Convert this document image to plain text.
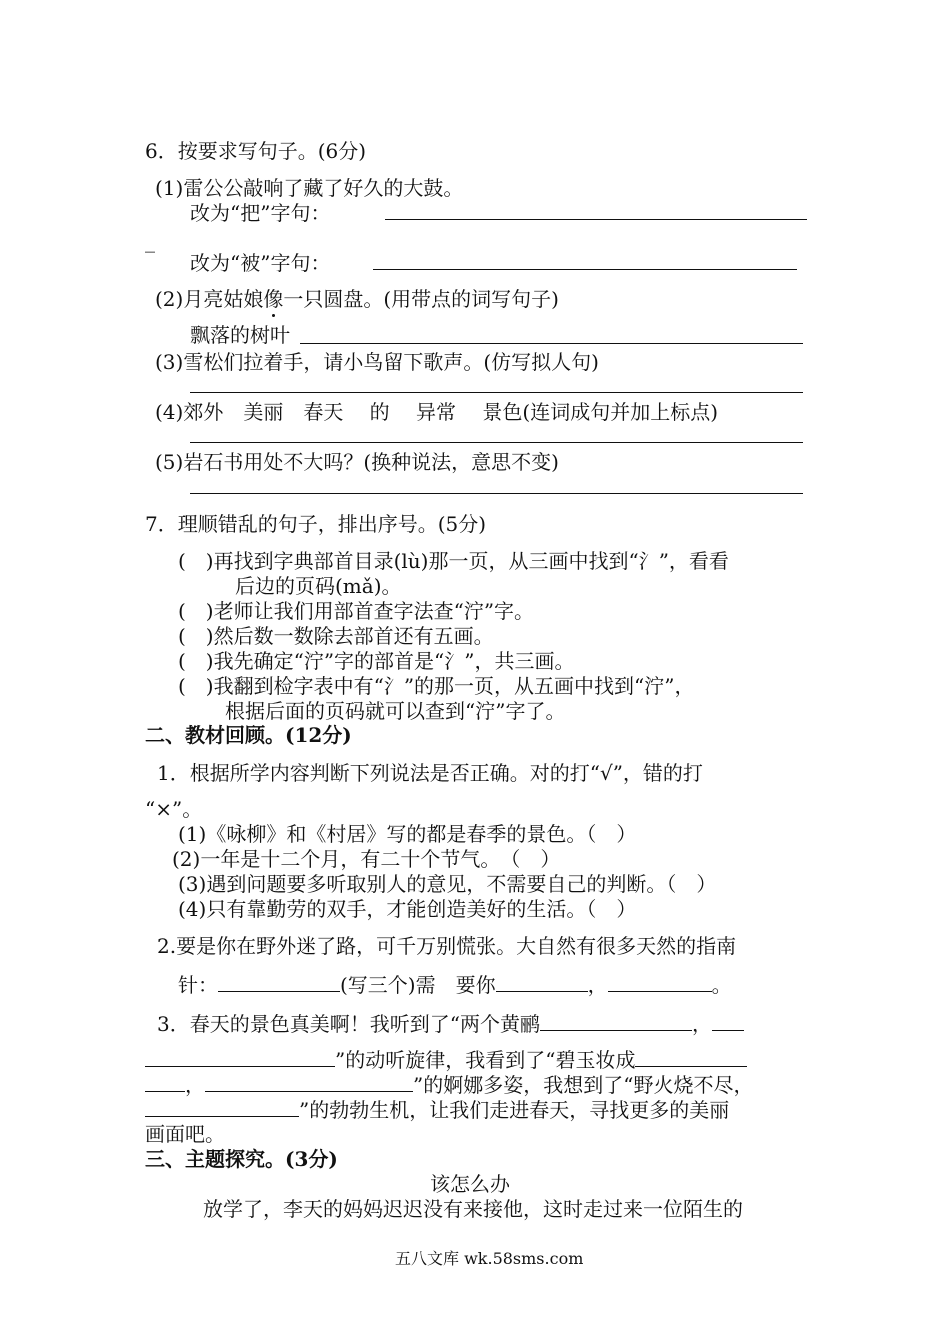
6．按要求写句子。(6分)
(1)雷公公敲响了藏了好久的大鼓。
改为“把”字句：
_
改为“被”字句：
(2)月亮姑娘像一只圆盘。(用带点的词写句子)
飘落的树叶
(3)雪松们拉着手，请小鸟留下歌声。(仿写拟人句)
(4)郊外　美丽　春天　 的　 异常　 景色(连词成句并加上标点)
(5)岩石书用处不大吗？(换种说法，意思不变)
7．理顺错乱的句子，排出序号。(5分)
(　)再找到字典部首目录(lù)那一页，从三画中找到“氵”，看看
后边的页码(mǎ)。
(　)老师让我们用部首查字法查“泞”字。
(　)然后数一数除去部首还有五画。
(　)我先确定“泞”字的部首是“氵”，共三画。
(　)我翻到检字表中有“氵”的那一页，从五画中找到“泞”，
根据后面的页码就可以查到“泞”字了。
二、教材回顾。(12分)
1．根据所学内容判断下列说法是否正确。对的打“√”，错的打
“×”。
(1)《咏柳》和《村居》写的都是春季的景色。（　）
(2)一年是十二个月，有二十个节气。　（　）
(3)遇到问题要多听取别人的意见，不需要自己的判断。（　）
(4)只有靠勤劳的双手，才能创造美好的生活。（　）
2.要是你在野外迷了路，可千万别慌张。大自然有很多天然的指南
针：	(写三个)需　要你	，	。
3．春天的景色真美啊！我听到了“两个黄鹂	，
”的动听旋律，我看到了“碧玉妆成
，	”的婀娜多姿，我想到了“野火烧不尽，
”的勃勃生机，让我们走进春天，寻找更多的美丽
画面吧。
三、主题探究。(3分)
该怎么办
放学了，李天的妈妈迟迟没有来接他，这时走过来一位陌生的
五八文库 wk.58sms.com
